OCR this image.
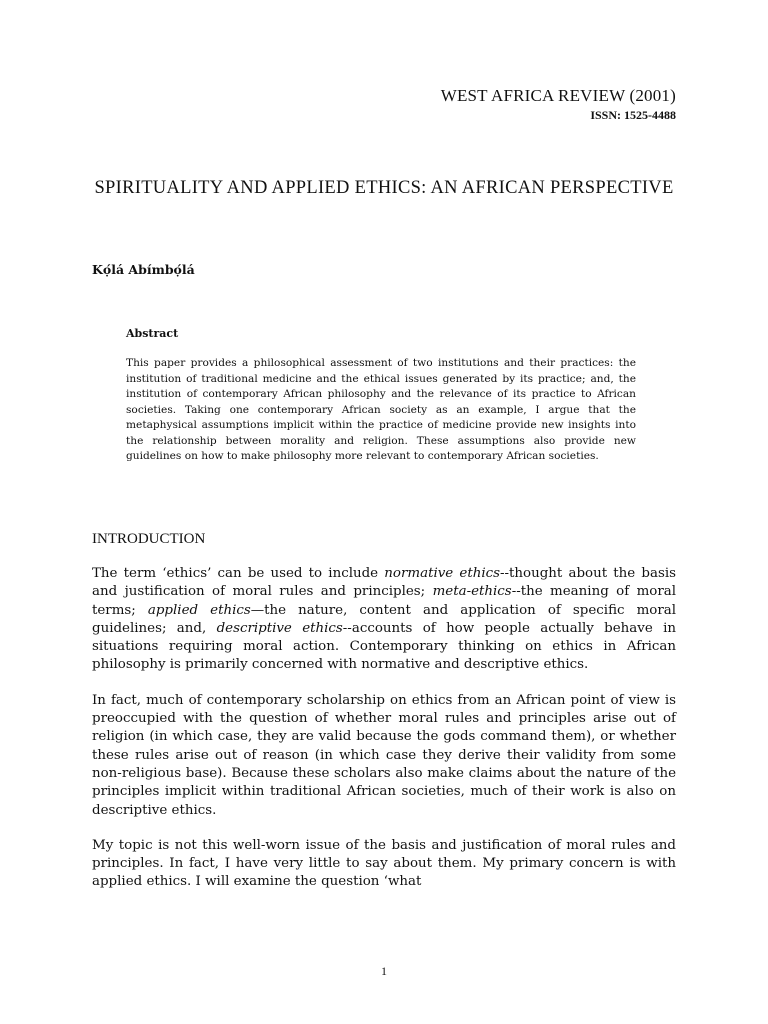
WEST AFRICA REVIEW (2001)
ISSN: 1525-4488
SPIRITUALITY AND APPLIED ETHICS: AN AFRICAN PERSPECTIVE
Kọ́lá Abímbọ́lá
Abstract
This paper provides a philosophical assessment of two institutions and their practices: the institution of traditional medicine and the ethical issues generated by its practice; and, the institution of contemporary African philosophy and the relevance of its practice to African societies. Taking one contemporary African society as an example, I argue that the metaphysical assumptions implicit within the practice of medicine provide new insights into the relationship between morality and religion. These assumptions also provide new guidelines on how to make philosophy more relevant to contemporary African societies.
INTRODUCTION

The term ‘ethics’ can be used to include normative ethics--thought about the basis and justification of moral rules and principles; meta-ethics--the meaning of moral terms; applied ethics—the nature, content and application of specific moral guidelines; and, descriptive ethics--accounts of how people actually behave in situations requiring moral action. Contemporary thinking on ethics in African philosophy is primarily concerned with normative and descriptive ethics.

In fact, much of contemporary scholarship on ethics from an African point of view is preoccupied with the question of whether moral rules and principles arise out of religion (in which case, they are valid because the gods command them), or whether these rules arise out of reason (in which case they derive their validity from some non-religious base). Because these scholars also make claims about the nature of the principles implicit within traditional African societies, much of their work is also on descriptive ethics.

My topic is not this well-worn issue of the basis and justification of moral rules and principles. In fact, I have very little to say about them. My primary concern is with applied ethics. I will examine the question ‘what

1
